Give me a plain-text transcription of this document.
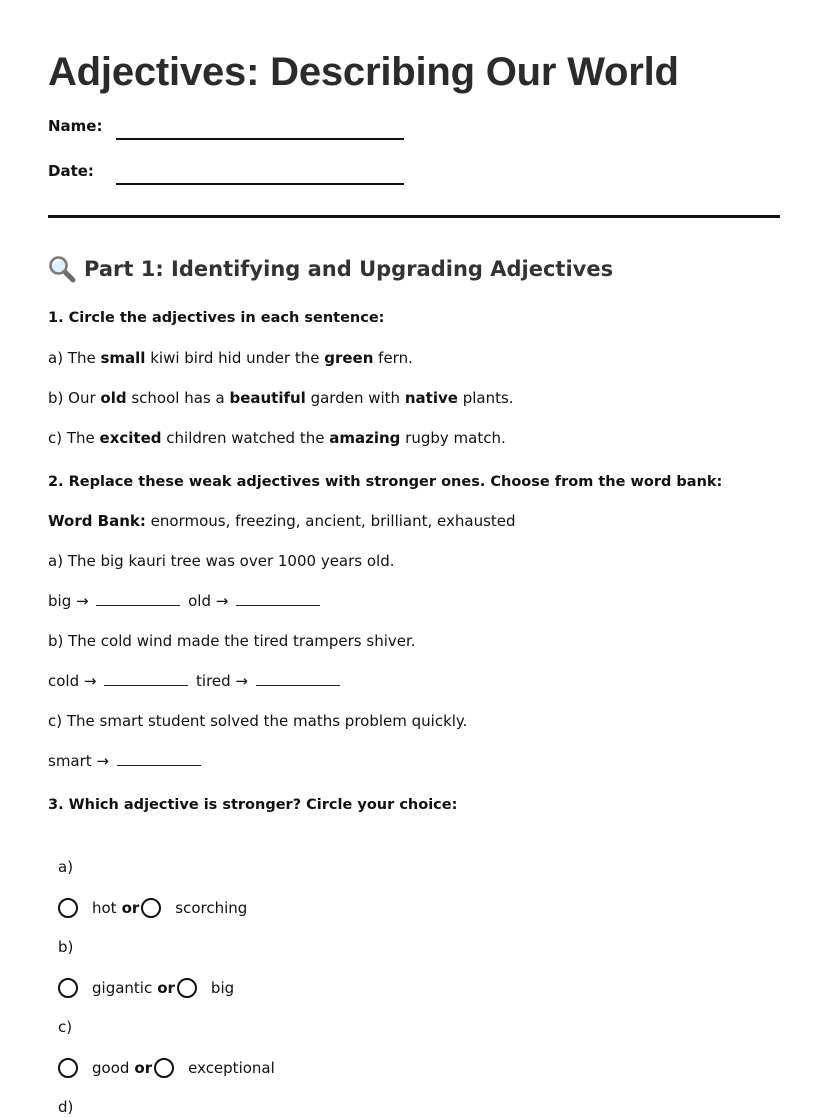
Adjectives: Describing Our World
Name:
Date:
Part 1: Identifying and Upgrading Adjectives

1. Circle the adjectives in each sentence:

a) The small kiwi bird hid under the green fern.

b) Our old school has a beautiful garden with native plants.

c) The excited children watched the amazing rugby match.

2. Replace these weak adjectives with stronger ones. Choose from the word bank:

Word Bank: enormous, freezing, ancient, brilliant, exhausted

a) The big kauri tree was over 1000 years old.

big →	old →

b) The cold wind made the tired trampers shiver.

cold →	tired →

c) The smart student solved the maths problem quickly.

smart →

3. Which adjective is stronger? Circle your choice:

a)

hot or scorching

b)

gigantic or big

c)

good or exceptional

d)
